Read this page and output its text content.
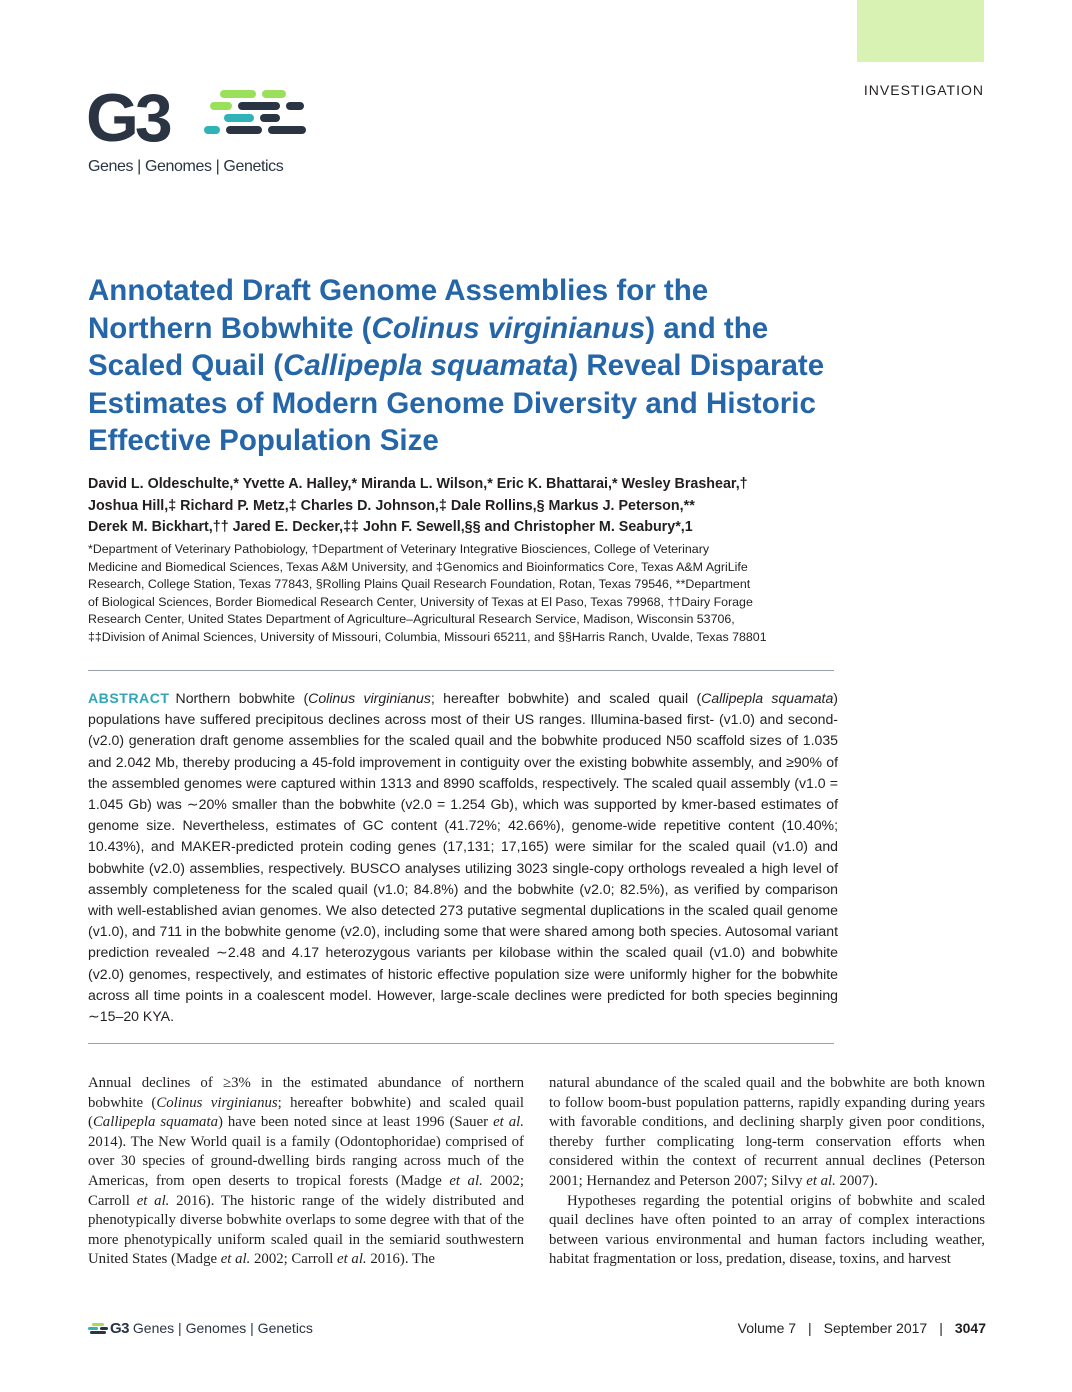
INVESTIGATION
G3
Genes | Genomes | Genetics
Annotated Draft Genome Assemblies for the
Northern Bobwhite (Colinus virginianus) and the
Scaled Quail (Callipepla squamata) Reveal Disparate
Estimates of Modern Genome Diversity and Historic
Effective Population Size
David L. Oldeschulte,* Yvette A. Halley,* Miranda L. Wilson,* Eric K. Bhattarai,* Wesley Brashear,†
Joshua Hill,‡ Richard P. Metz,‡ Charles D. Johnson,‡ Dale Rollins,§ Markus J. Peterson,**
Derek M. Bickhart,†† Jared E. Decker,‡‡ John F. Sewell,§§ and Christopher M. Seabury*,1
*Department of Veterinary Pathobiology, †Department of Veterinary Integrative Biosciences, College of Veterinary
Medicine and Biomedical Sciences, Texas A&M University, and ‡Genomics and Bioinformatics Core, Texas A&M AgriLife
Research, College Station, Texas 77843, §Rolling Plains Quail Research Foundation, Rotan, Texas 79546, **Department
of Biological Sciences, Border Biomedical Research Center, University of Texas at El Paso, Texas 79968, ††Dairy Forage
Research Center, United States Department of Agriculture–Agricultural Research Service, Madison, Wisconsin 53706,
‡‡Division of Animal Sciences, University of Missouri, Columbia, Missouri 65211, and §§Harris Ranch, Uvalde, Texas 78801
ABSTRACT Northern bobwhite (Colinus virginianus; hereafter bobwhite) and scaled quail (Callipepla squamata) populations have suffered precipitous declines across most of their US ranges. Illumina-based first- (v1.0) and second- (v2.0) generation draft genome assemblies for the scaled quail and the bobwhite produced N50 scaffold sizes of 1.035 and 2.042 Mb, thereby producing a 45-fold improvement in contiguity over the existing bobwhite assembly, and ≥90% of the assembled genomes were captured within 1313 and 8990 scaffolds, respectively. The scaled quail assembly (v1.0 = 1.045 Gb) was ∼20% smaller than the bobwhite (v2.0 = 1.254 Gb), which was supported by kmer-based estimates of genome size. Nevertheless, estimates of GC content (41.72%; 42.66%), genome-wide repetitive content (10.40%; 10.43%), and MAKER-predicted protein coding genes (17,131; 17,165) were similar for the scaled quail (v1.0) and bobwhite (v2.0) assemblies, respectively. BUSCO analyses utilizing 3023 single-copy orthologs revealed a high level of assembly completeness for the scaled quail (v1.0; 84.8%) and the bobwhite (v2.0; 82.5%), as verified by comparison with well-established avian genomes. We also detected 273 putative segmental duplications in the scaled quail genome (v1.0), and 711 in the bobwhite genome (v2.0), including some that were shared among both species. Autosomal variant prediction revealed ∼2.48 and 4.17 heterozygous variants per kilobase within the scaled quail (v1.0) and bobwhite (v2.0) genomes, respectively, and estimates of historic effective population size were uniformly higher for the bobwhite across all time points in a coalescent model. However, large-scale declines were predicted for both species beginning ∼15–20 KYA.

Annual declines of ≥3% in the estimated abundance of northern bobwhite (Colinus virginianus; hereafter bobwhite) and scaled quail (Callipepla squamata) have been noted since at least 1996 (Sauer et al. 2014). The New World quail is a family (Odontophoridae) comprised of over 30 species of ground-dwelling birds ranging across much of the Americas, from open deserts to tropical forests (Madge et al. 2002; Carroll et al. 2016). The historic range of the widely distributed and phenotypically diverse bobwhite overlaps to some degree with that of the more phenotypically uniform scaled quail in the semiarid southwestern United States (Madge et al. 2002; Carroll et al. 2016). The

natural abundance of the scaled quail and the bobwhite are both known to follow boom-bust population patterns, rapidly expanding during years with favorable conditions, and declining sharply given poor conditions, thereby further complicating long-term conservation efforts when considered within the context of recurrent annual declines (Peterson 2001; Hernandez and Peterson 2007; Silvy et al. 2007).

Hypotheses regarding the potential origins of bobwhite and scaled quail declines have often pointed to an array of complex interactions between various environmental and human factors including weather, habitat fragmentation or loss, predation, disease, toxins, and harvest

G3 Genes | Genomes | Genetics	Volume 7 | September 2017 | 3047
